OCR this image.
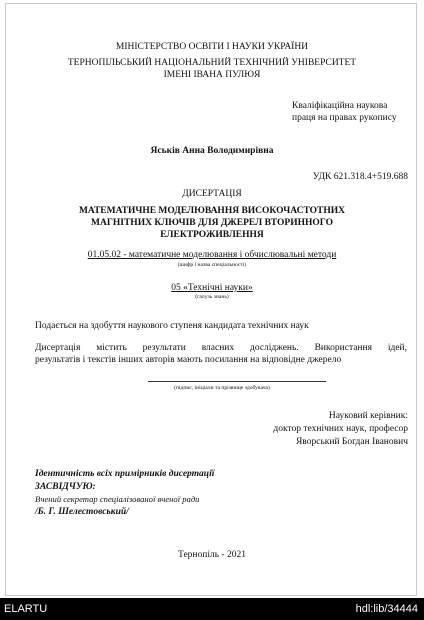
МІНІСТЕРСТВО ОСВІТИ І НАУКИ УКРАЇНИ
ТЕРНОПІЛЬСЬКИЙ НАЦІОНАЛЬНИЙ ТЕХНІЧНИЙ УНІВЕРСИТЕТ
ІМЕНІ ІВАНА ПУЛЮЯ
Кваліфікаційна наукова
праця на правах рукопису
Яськів Анна Володимирівна
УДК 621.318.4+519.688
ДИСЕРТАЦІЯ
МАТЕМАТИЧНЕ МОДЕЛЮВАННЯ ВИСОКОЧАСТОТНИХ
МАГНІТНИХ КЛЮЧІВ ДЛЯ ДЖЕРЕЛ ВТОРИННОГО
ЕЛЕКТРОЖИВЛЕННЯ
01.05.02 - математичне моделювання і обчислювальні методи
(шифр і назва спеціальності)
05 «Технічні науки»
(галузь знань)
Подається на здобуття наукового ступеня кандидата технічних наук
Дисертація містить результати власних досліджень. Використання ідей,
результатів і текстів інших авторів мають посилання на відповідне джерело
(підпис, ініціали та прізвище здобувача)
Науковий керівник:
доктор технічних наук, професор
Яворський Богдан Іванович
Ідентичність всіх примірників дисертації
ЗАСВІДЧУЮ:
Вчений секретар спеціалізованої вченої ради
/Б. Г. Шелестовський/
Тернопіль - 2021
ELARTU	hdl:lib/34444
